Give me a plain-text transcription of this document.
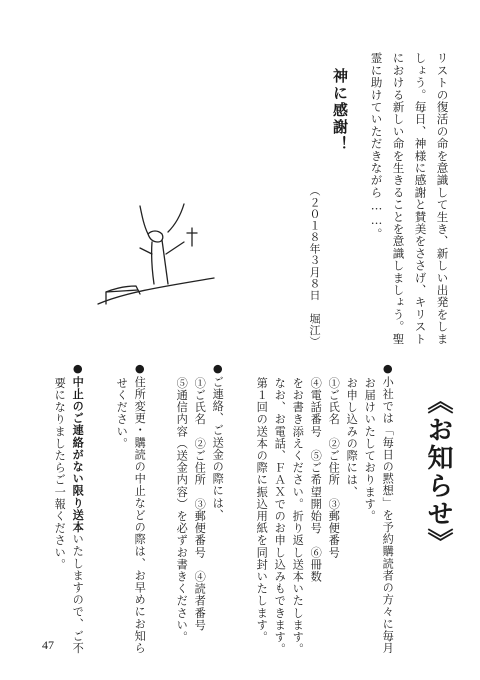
リストの復活の命を意識して生き、新しい出発をしま
しょう。毎日、神様に感謝と賛美をささげ、キリスト
における新しい命を生きることを意識しましょう。聖
霊に助けていただきながら……。
神に感謝！
（２０１８年３月８日　堀江）
《お知らせ》
●小社では「毎日の黙想」を予約購読者の方々に毎月
お届けいたしております。
お申し込みの際には、
①ご氏名　②ご住所　③郵便番号
④電話番号　⑤ご希望開始号　⑥冊数
をお書き添えください。折り返し送本いたします。
なお、お電話、ＦＡＸでのお申し込みもできます。
第１回の送本の際に振込用紙を同封いたします。
●ご連絡、ご送金の際には、
①ご氏名　②ご住所　③郵便番号　④読者番号
⑤通信内容（送金内容）を必ずお書きください。
●住所変更・購読の中止などの際は、お早めにお知ら
せください。
●中止のご連絡がない限り送本いたしますので、ご不
要になりましたらご一報ください。
47
